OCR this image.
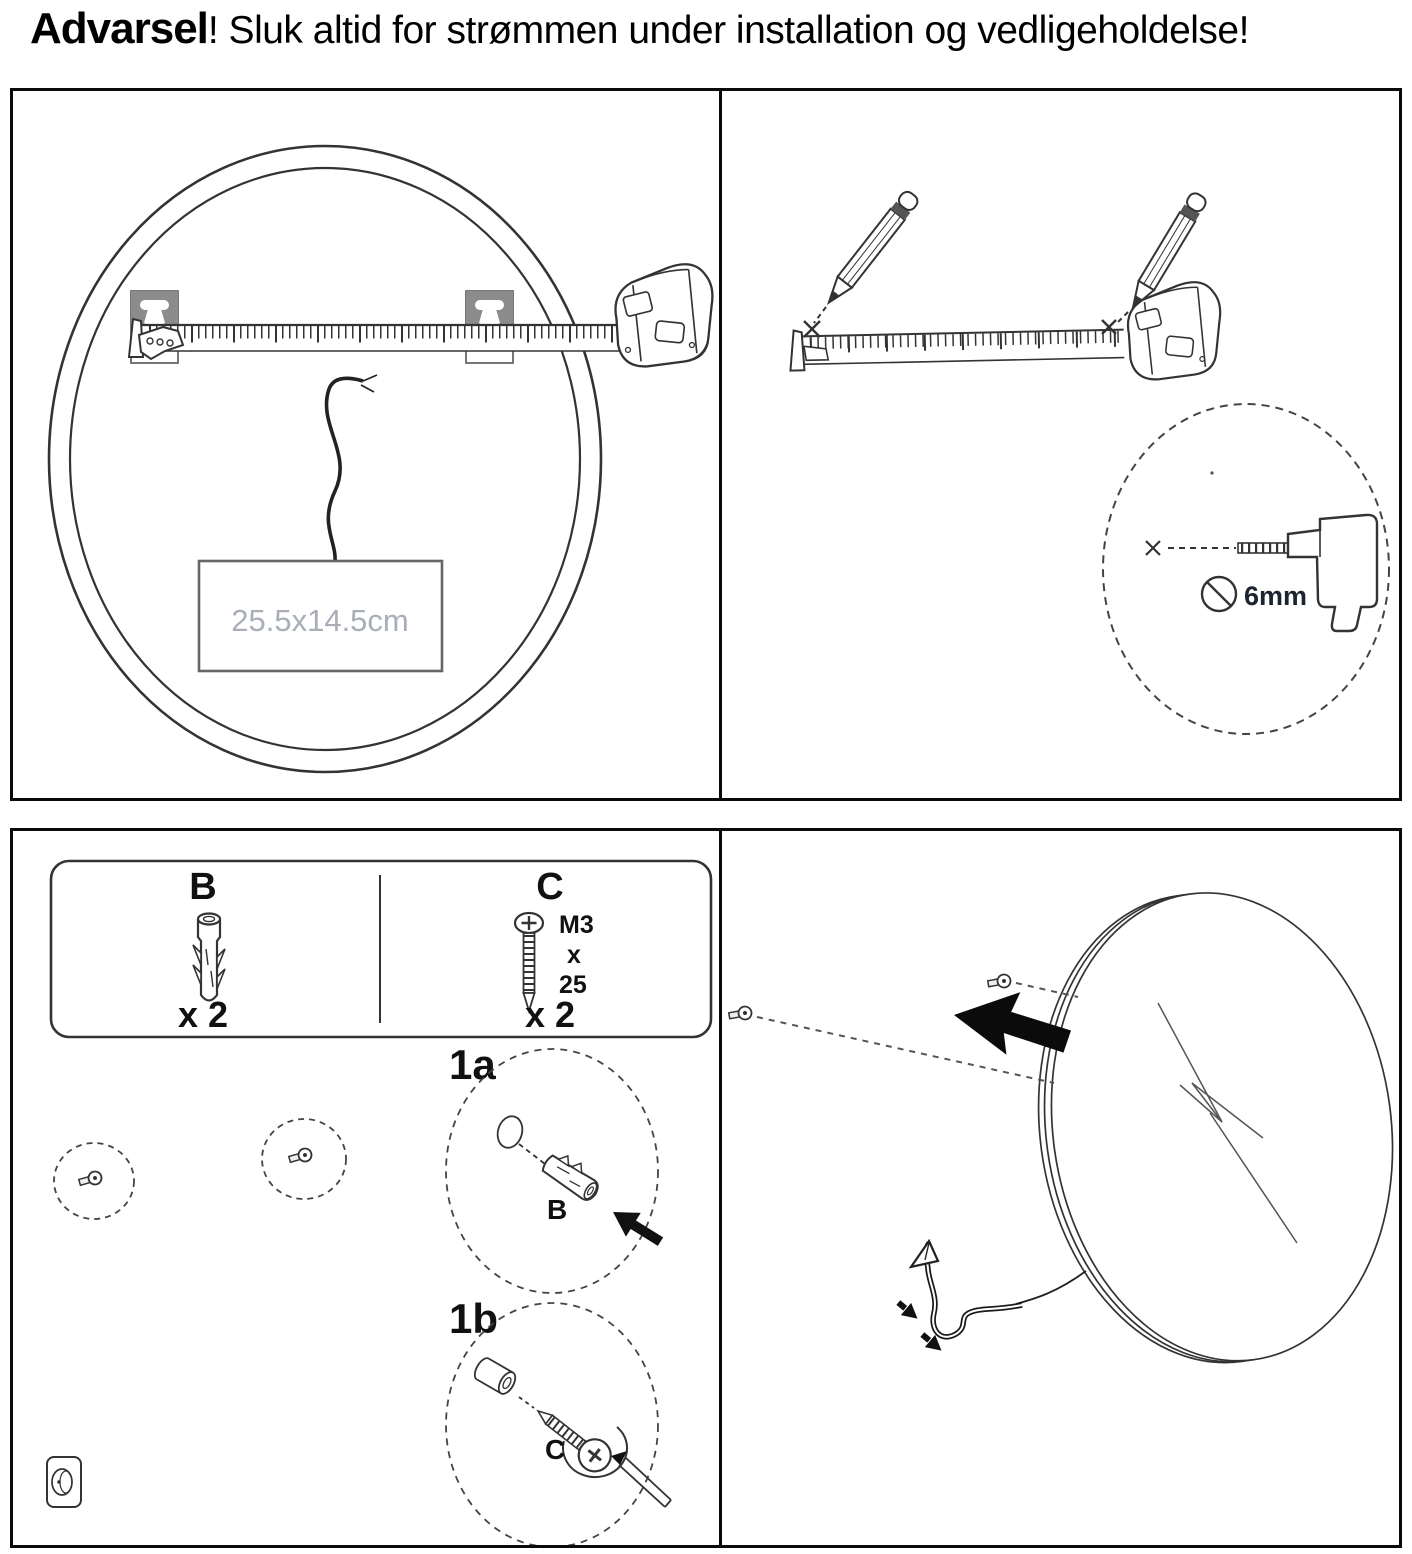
Advarsel! Sluk altid for strømmen under installation og vedligeholdelse!
25.5x14.5cm
6mm
B
x 2
C
M3
x
25
x 2
1a
B
1b
C
